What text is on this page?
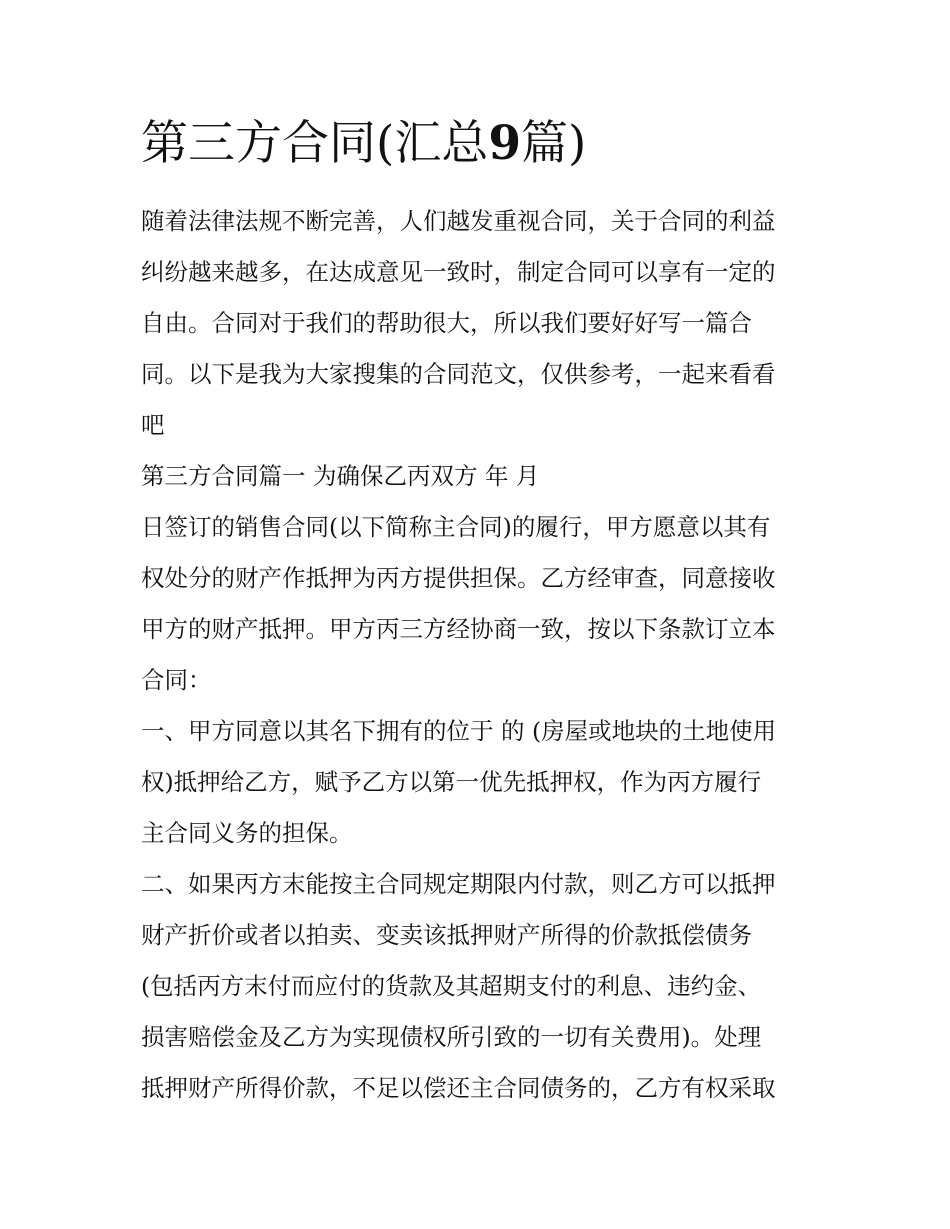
第三方合同(汇总9篇)
随着法律法规不断完善，人们越发重视合同，关于合同的利益
纠纷越来越多，在达成意见一致时，制定合同可以享有一定的
自由。合同对于我们的帮助很大，所以我们要好好写一篇合
同。以下是我为大家搜集的合同范文，仅供参考，一起来看看
吧
第三方合同篇一 为确保乙丙双方 年 月
日签订的销售合同(以下简称主合同)的履行，甲方愿意以其有
权处分的财产作抵押为丙方提供担保。乙方经审查，同意接收
甲方的财产抵押。甲方丙三方经协商一致，按以下条款订立本
合同：
一、甲方同意以其名下拥有的位于 的 (房屋或地块的土地使用
权)抵押给乙方，赋予乙方以第一优先抵押权，作为丙方履行
主合同义务的担保。
二、如果丙方末能按主合同规定期限内付款，则乙方可以抵押
财产折价或者以拍卖、变卖该抵押财产所得的价款抵偿债务
(包括丙方末付而应付的货款及其超期支付的利息、违约金、
损害赔偿金及乙方为实现债权所引致的一切有关费用)。处理
抵押财产所得价款，不足以偿还主合同债务的，乙方有权采取
